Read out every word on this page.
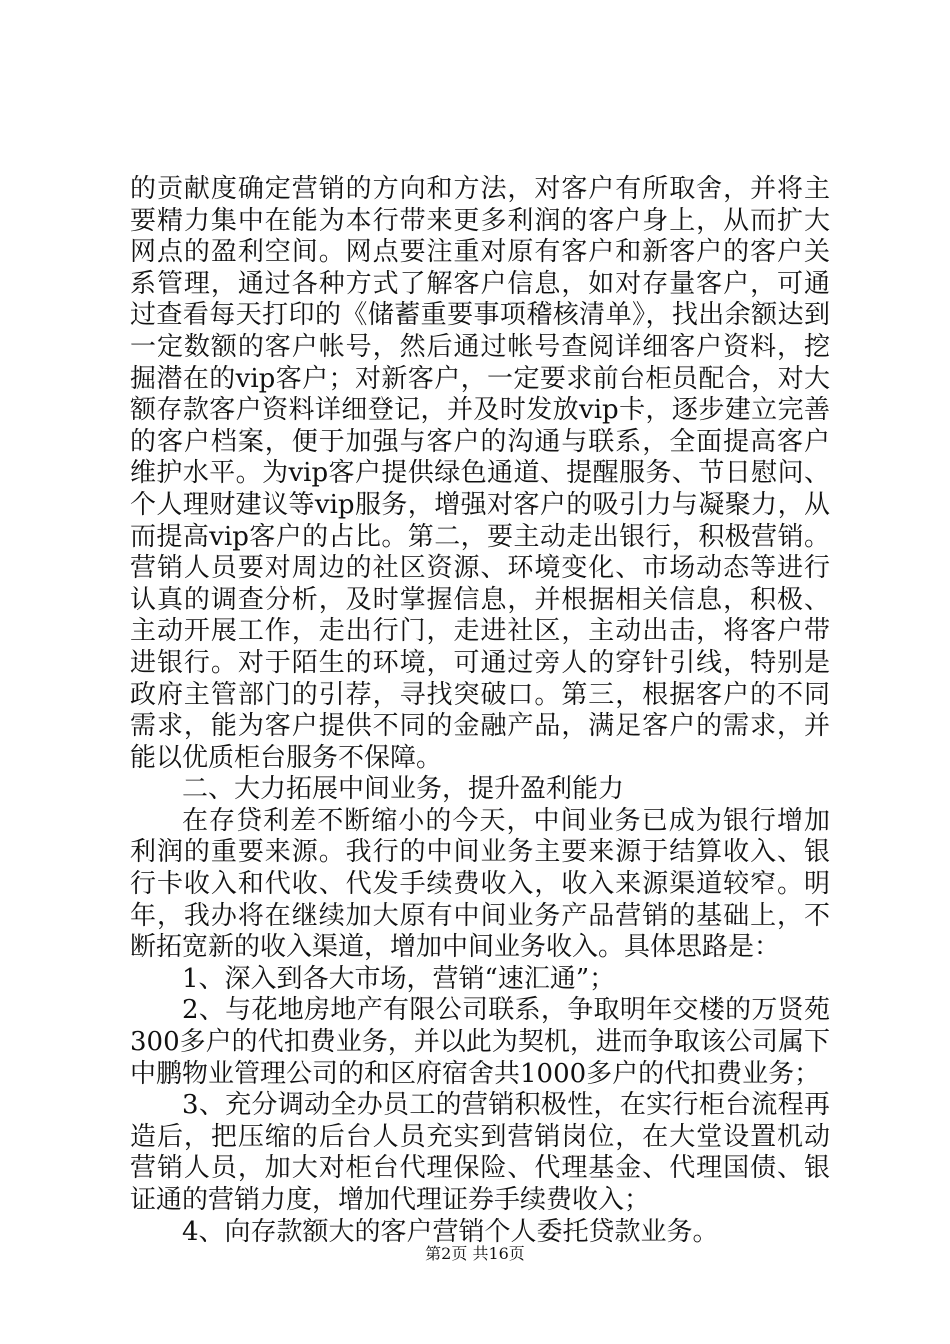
的贡献度确定营销的方向和方法，对客户有所取舍，并将主要精力集中在能为本行带来更多利润的客户身上，从而扩大网点的盈利空间。网点要注重对原有客户和新客户的客户关系管理，通过各种方式了解客户信息，如对存量客户，可通过查看每天打印的《储蓄重要事项稽核清单》，找出余额达到一定数额的客户帐号，然后通过帐号查阅详细客户资料，挖掘潜在的vip客户；对新客户，一定要求前台柜员配合，对大额存款客户资料详细登记，并及时发放vip卡，逐步建立完善的客户档案，便于加强与客户的沟通与联系，全面提高客户维护水平。为vip客户提供绿色通道、提醒服务、节日慰问、个人理财建议等vip服务，增强对客户的吸引力与凝聚力，从而提高vip客户的占比。第二，要主动走出银行，积极营销。营销人员要对周边的社区资源、环境变化、市场动态等进行认真的调查分析，及时掌握信息，并根据相关信息，积极、主动开展工作，走出行门，走进社区，主动出击，将客户带进银行。对于陌生的环境，可通过旁人的穿针引线，特别是政府主管部门的引荐，寻找突破口。第三，根据客户的不同需求，能为客户提供不同的金融产品，满足客户的需求，并能以优质柜台服务不保障。

二、大力拓展中间业务，提升盈利能力

在存贷利差不断缩小的今天，中间业务已成为银行增加利润的重要来源。我行的中间业务主要来源于结算收入、银行卡收入和代收、代发手续费收入，收入来源渠道较窄。明年，我办将在继续加大原有中间业务产品营销的基础上，不断拓宽新的收入渠道，增加中间业务收入。具体思路是：

1、深入到各大市场，营销“速汇通”；

2、与花地房地产有限公司联系，争取明年交楼的万贤苑300多户的代扣费业务，并以此为契机，进而争取该公司属下中鹏物业管理公司的和区府宿舍共1000多户的代扣费业务；

3、充分调动全办员工的营销积极性，在实行柜台流程再造后，把压缩的后台人员充实到营销岗位，在大堂设置机动营销人员，加大对柜台代理保险、代理基金、代理国债、银证通的营销力度，增加代理证券手续费收入；

4、向存款额大的客户营销个人委托贷款业务。

第2页 共16页
